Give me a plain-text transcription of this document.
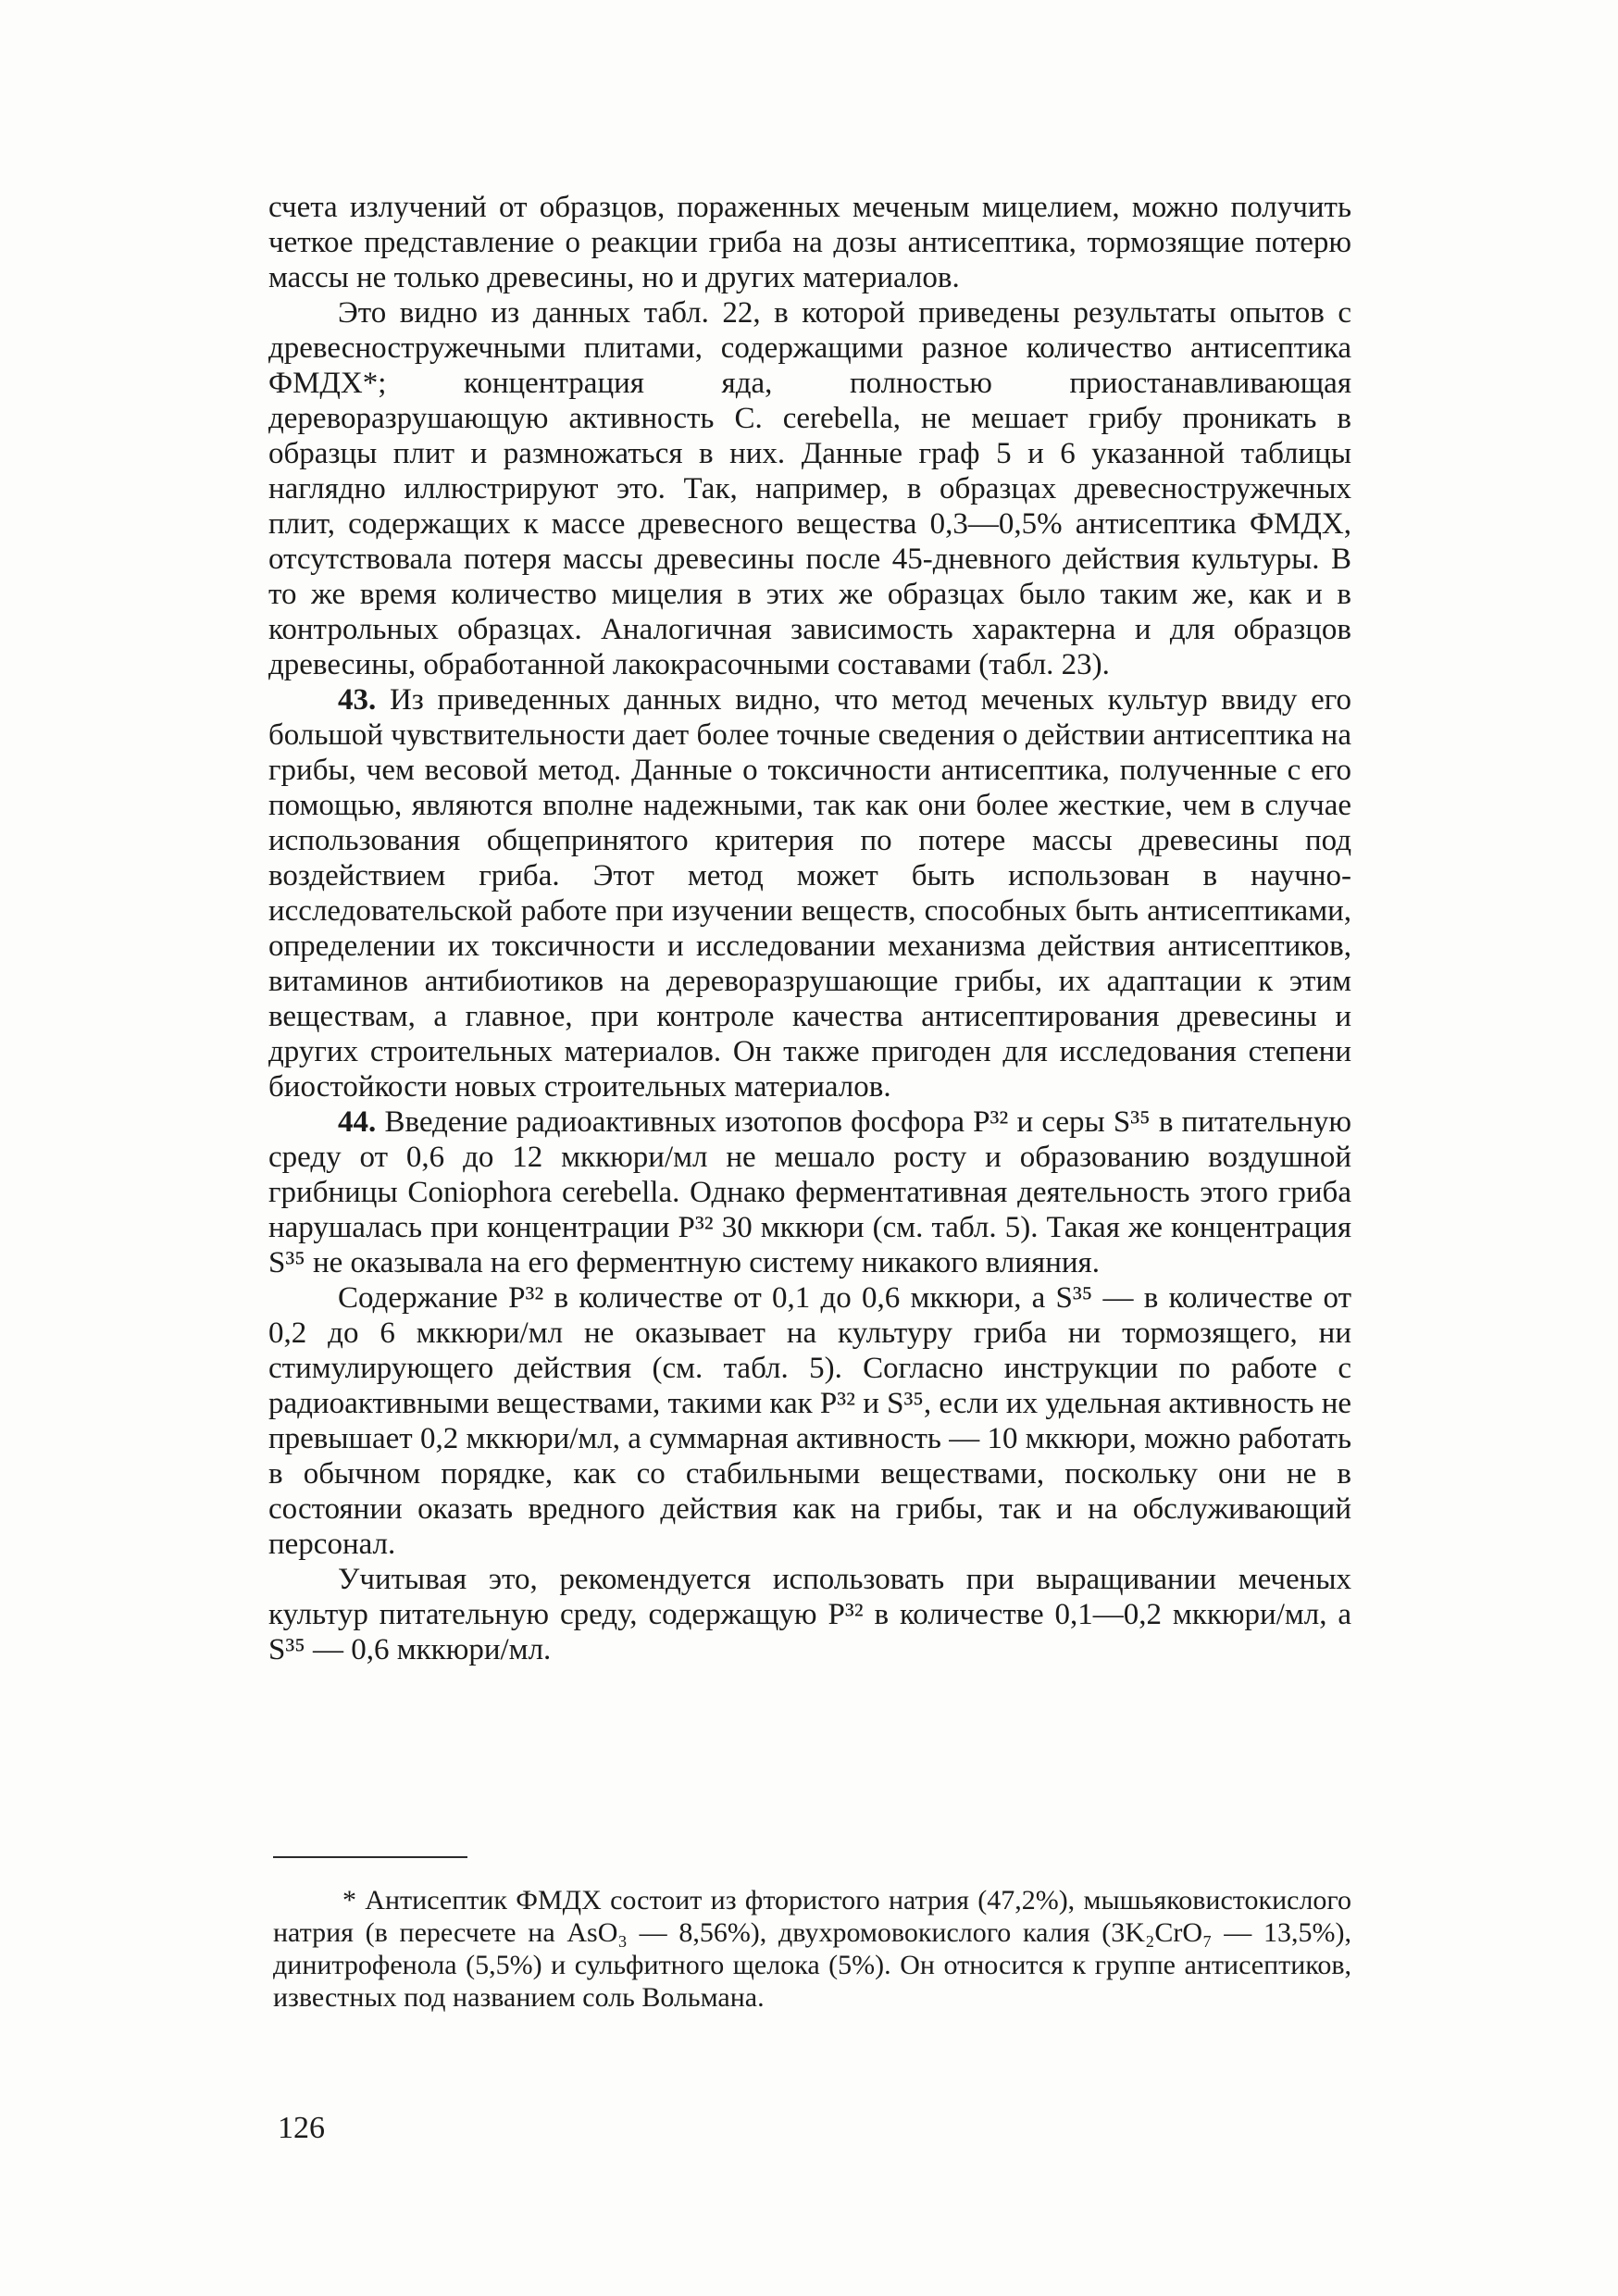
счета излучений от образцов, пораженных меченым мицелием, можно получить четкое представление о реакции гриба на дозы антисептика, тормозящие потерю массы не только древесины, но и других материалов.

Это видно из данных табл. 22, в которой приведены результаты опытов с древесностружечными плитами, содержащими разное количество антисептика ФМДХ*; концентрация яда, полностью приостанавливающая дереворазрушающую активность C. cerebella, не мешает грибу проникать в образцы плит и размножаться в них. Данные граф 5 и 6 указанной таблицы наглядно иллюстрируют это. Так, например, в образцах древесностружечных плит, содержащих к массе древесного вещества 0,3—0,5% антисептика ФМДХ, отсутствовала потеря массы древесины после 45-дневного действия культуры. В то же время количество мицелия в этих же образцах было таким же, как и в контрольных образцах. Аналогичная зависимость характерна и для образцов древесины, обработанной лакокрасочными составами (табл. 23).

43. Из приведенных данных видно, что метод меченых культур ввиду его большой чувствительности дает более точные сведения о действии антисептика на грибы, чем весовой метод. Данные о токсичности антисептика, полученные с его помощью, являются вполне надежными, так как они более жесткие, чем в случае использования общепринятого критерия по потере массы древесины под воздействием гриба. Этот метод может быть использован в научно-исследовательской работе при изучении веществ, способных быть антисептиками, определении их токсичности и исследовании механизма действия антисептиков, витаминов антибиотиков на дереворазрушающие грибы, их адаптации к этим веществам, а главное, при контроле качества антисептирования древесины и других строительных материалов. Он также пригоден для исследования степени биостойкости новых строительных материалов.

44. Введение радиоактивных изотопов фосфора P³² и серы S³⁵ в питательную среду от 0,6 до 12 мккюри/мл не мешало росту и образованию воздушной грибницы Coniophora cerebella. Однако ферментативная деятельность этого гриба нарушалась при концентрации P³² 30 мккюри (см. табл. 5). Такая же концентрация S³⁵ не оказывала на его ферментную систему никакого влияния.

Содержание P³² в количестве от 0,1 до 0,6 мккюри, а S³⁵ — в количестве от 0,2 до 6 мккюри/мл не оказывает на культуру гриба ни тормозящего, ни стимулирующего действия (см. табл. 5). Согласно инструкции по работе с радиоактивными веществами, такими как P³² и S³⁵, если их удельная активность не превышает 0,2 мккюри/мл, а суммарная активность — 10 мккюри, можно работать в обычном порядке, как со стабильными веществами, поскольку они не в состоянии оказать вредного действия как на грибы, так и на обслуживающий персонал.

Учитывая это, рекомендуется использовать при выращивании меченых культур питательную среду, содержащую P³² в количестве 0,1—0,2 мккюри/мл, а S³⁵ — 0,6 мккюри/мл.

* Антисептик ФМДХ состоит из фтористого натрия (47,2%), мышьяковистокислого натрия (в пересчете на AsO₃ — 8,56%), двухромовокислого калия (3K₂CrO₇ — 13,5%), динитрофенола (5,5%) и сульфитного щелока (5%). Он относится к группе антисептиков, известных под названием соль Вольмана.

126
